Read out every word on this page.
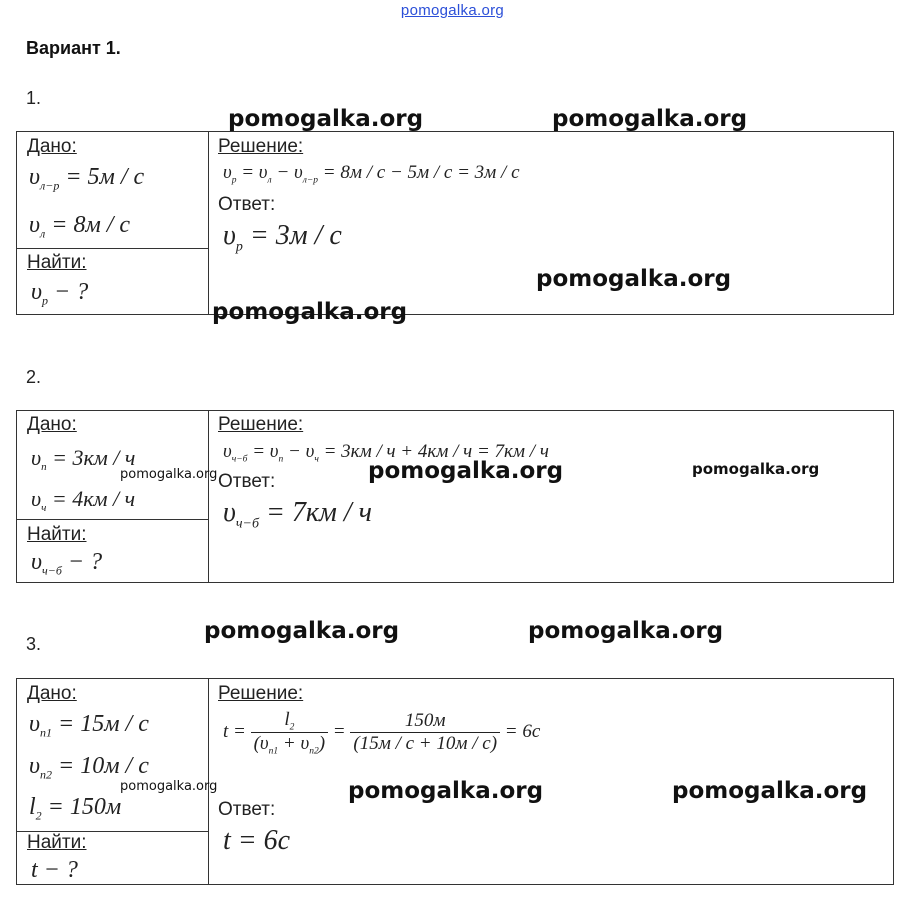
pomogalka.org
Вариант 1.
1.
Дано:
$\upsilon_{л-р} = 5м / с$
$\upsilon_л = 8м / с$
Найти:
$\upsilon_р$ − ?
Решение:
$\upsilon_р = \upsilon_л - \upsilon_{л-р} = 8м / с - 5м / с = 3м / с$
Ответ:
$\upsilon_р = 3м / с$
2.
Дано:
$\upsilon_п = 3км / ч$
$\upsilon_ч = 4км / ч$
Найти:
$\upsilon_{ч-б}$ − ?
Решение:
$\upsilon_{ч-б} = \upsilon_п - \upsilon_ч = 3км / ч + 4км / ч = 7км / ч$
Ответ:
$\upsilon_{ч-б} = 7км / ч$
3.
Дано:
$\upsilon_{п1} = 15м / с$
$\upsilon_{п2} = 10м / с$
$l_2 = 150м$
Найти:
t − ?
Решение:
$t = \frac{l_2}{(\upsilon_{п1} + \upsilon_{п2})} = \frac{150м}{(15м / с + 10м / с)} = 6с$
Ответ:
t = 6с
pomogalka.org	pomogalka.org
pomogalka.org
pomogalka.org
pomogalka.org	pomogalka.org
pomogalka.org
pomogalka.org	pomogalka.org
pomogalka.org	pomogalka.org	pomogalka.org
